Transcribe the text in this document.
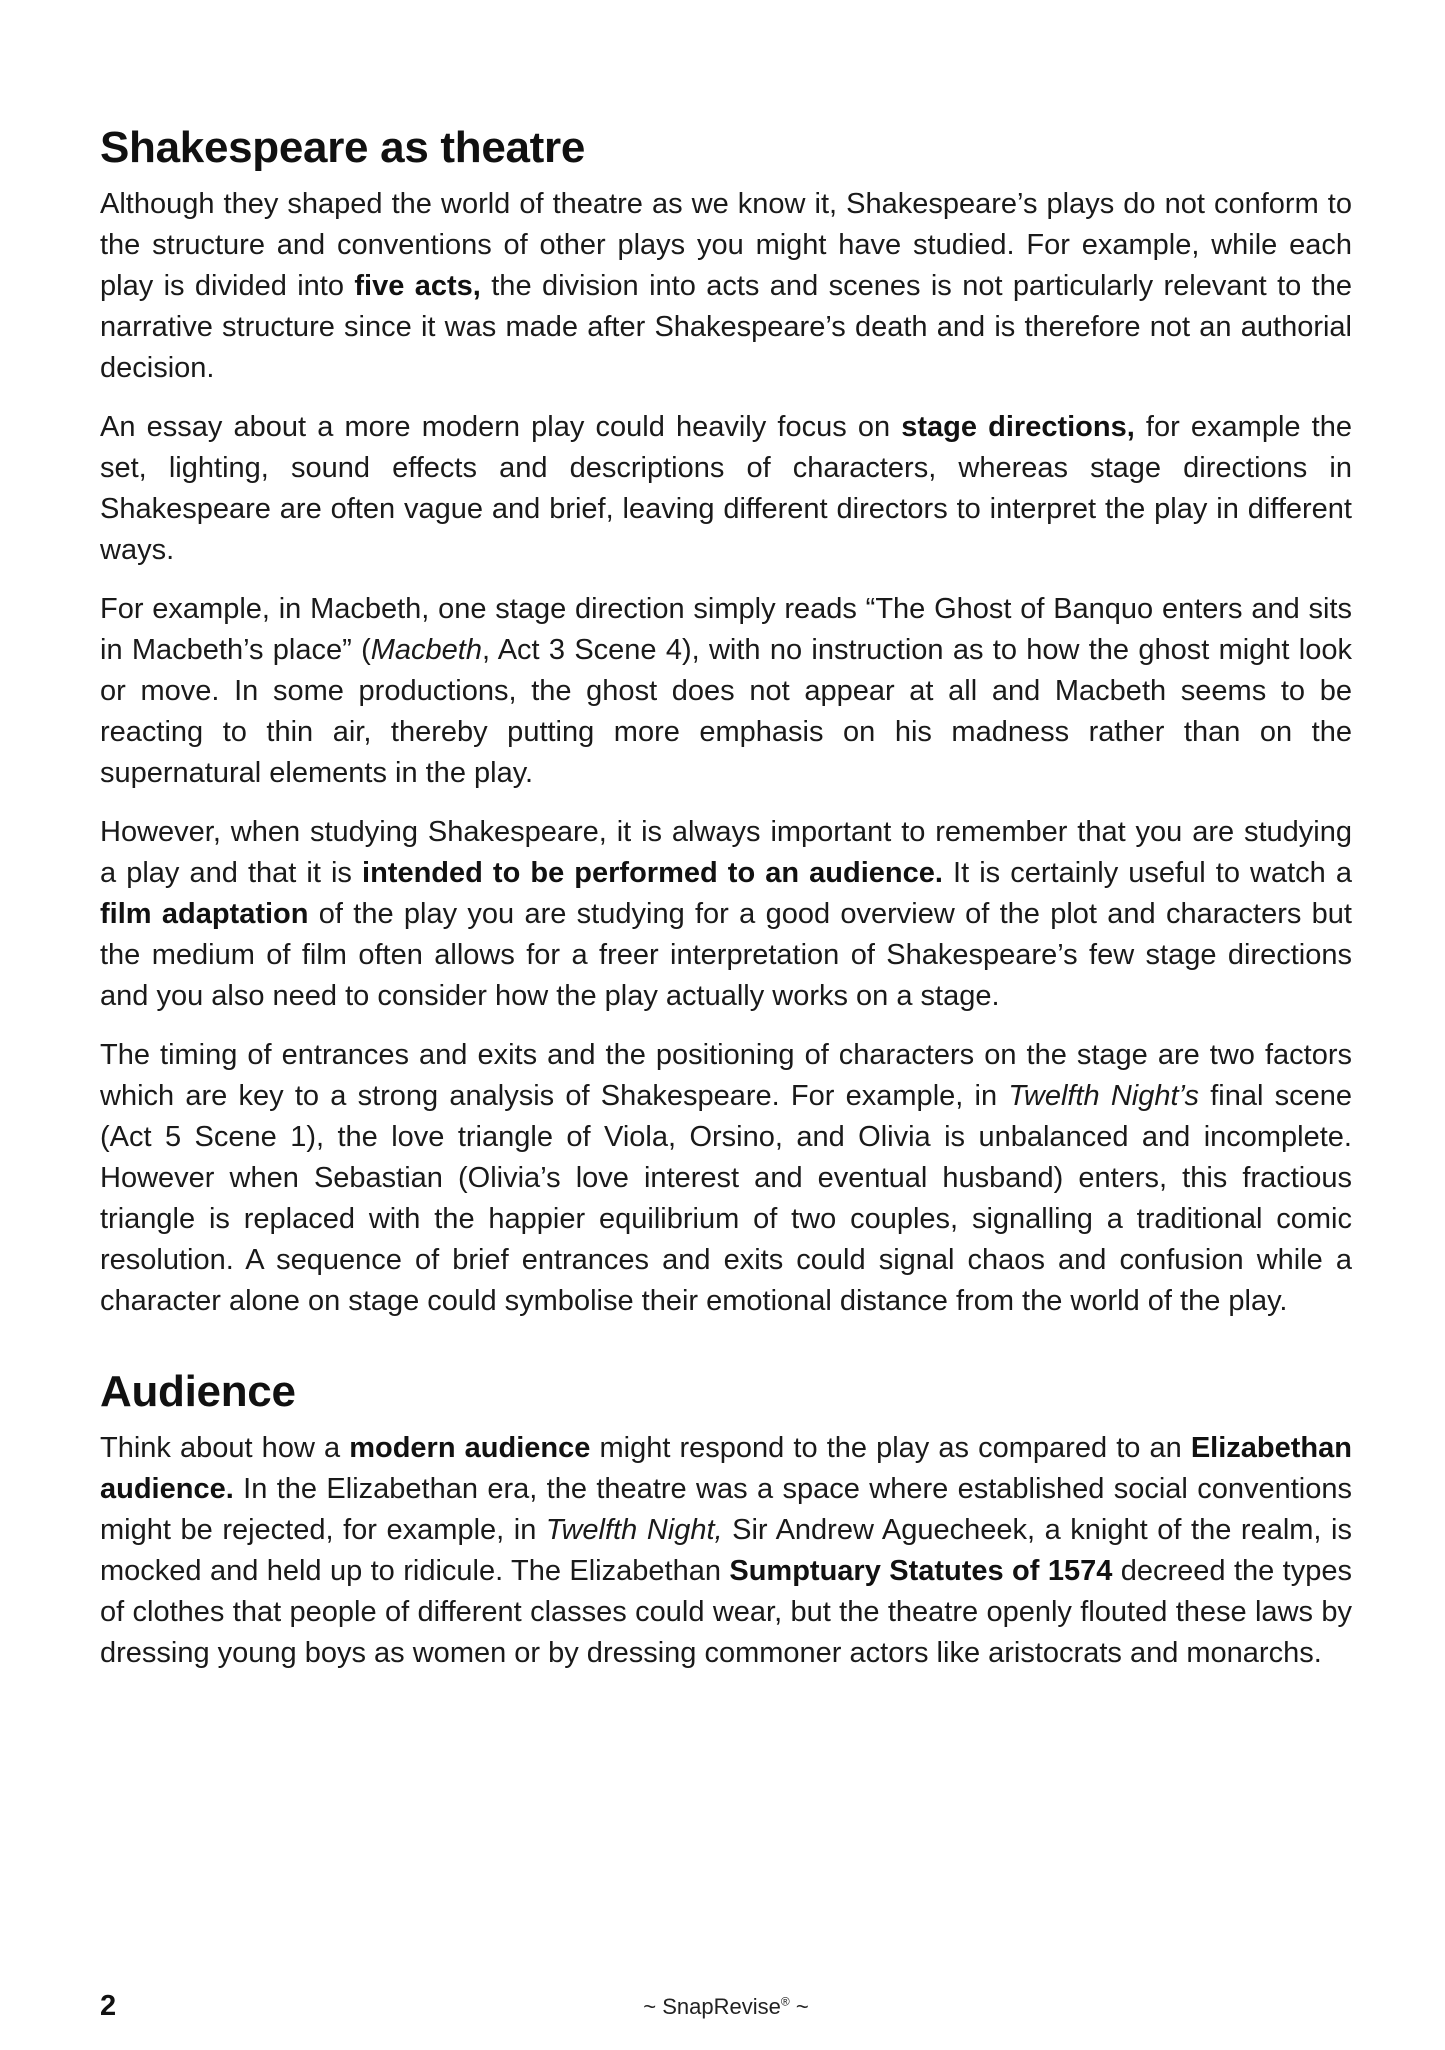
Shakespeare as theatre

Although they shaped the world of theatre as we know it, Shakespeare’s plays do not conform to the structure and conventions of other plays you might have studied. For example, while each play is divided into five acts, the division into acts and scenes is not particularly relevant to the narrative structure since it was made after Shakespeare’s death and is therefore not an authorial decision.

An essay about a more modern play could heavily focus on stage directions, for example the set, lighting, sound effects and descriptions of characters, whereas stage directions in Shakespeare are often vague and brief, leaving different directors to interpret the play in different ways.

For example, in Macbeth, one stage direction simply reads “The Ghost of Banquo enters and sits in Macbeth’s place” (Macbeth, Act 3 Scene 4), with no instruction as to how the ghost might look or move. In some productions, the ghost does not appear at all and Macbeth seems to be reacting to thin air, thereby putting more emphasis on his madness rather than on the supernatural elements in the play.

However, when studying Shakespeare, it is always important to remember that you are studying a play and that it is intended to be performed to an audience. It is certainly useful to watch a film adaptation of the play you are studying for a good overview of the plot and characters but the medium of film often allows for a freer interpretation of Shakespeare’s few stage directions and you also need to consider how the play actually works on a stage.

The timing of entrances and exits and the positioning of characters on the stage are two factors which are key to a strong analysis of Shakespeare. For example, in Twelfth Night’s final scene (Act 5 Scene 1), the love triangle of Viola, Orsino, and Olivia is unbalanced and incomplete. However when Sebastian (Olivia’s love interest and eventual husband) enters, this fractious triangle is replaced with the happier equilibrium of two couples, signalling a traditional comic resolution. A sequence of brief entrances and exits could signal chaos and confusion while a character alone on stage could symbolise their emotional distance from the world of the play.

Audience

Think about how a modern audience might respond to the play as compared to an Elizabethan audience. In the Elizabethan era, the theatre was a space where established social conventions might be rejected, for example, in Twelfth Night, Sir Andrew Aguecheek, a knight of the realm, is mocked and held up to ridicule. The Elizabethan Sumptuary Statutes of 1574 decreed the types of clothes that people of different classes could wear, but the theatre openly flouted these laws by dressing young boys as women or by dressing commoner actors like aristocrats and monarchs.

2	~ SnapRevise® ~
